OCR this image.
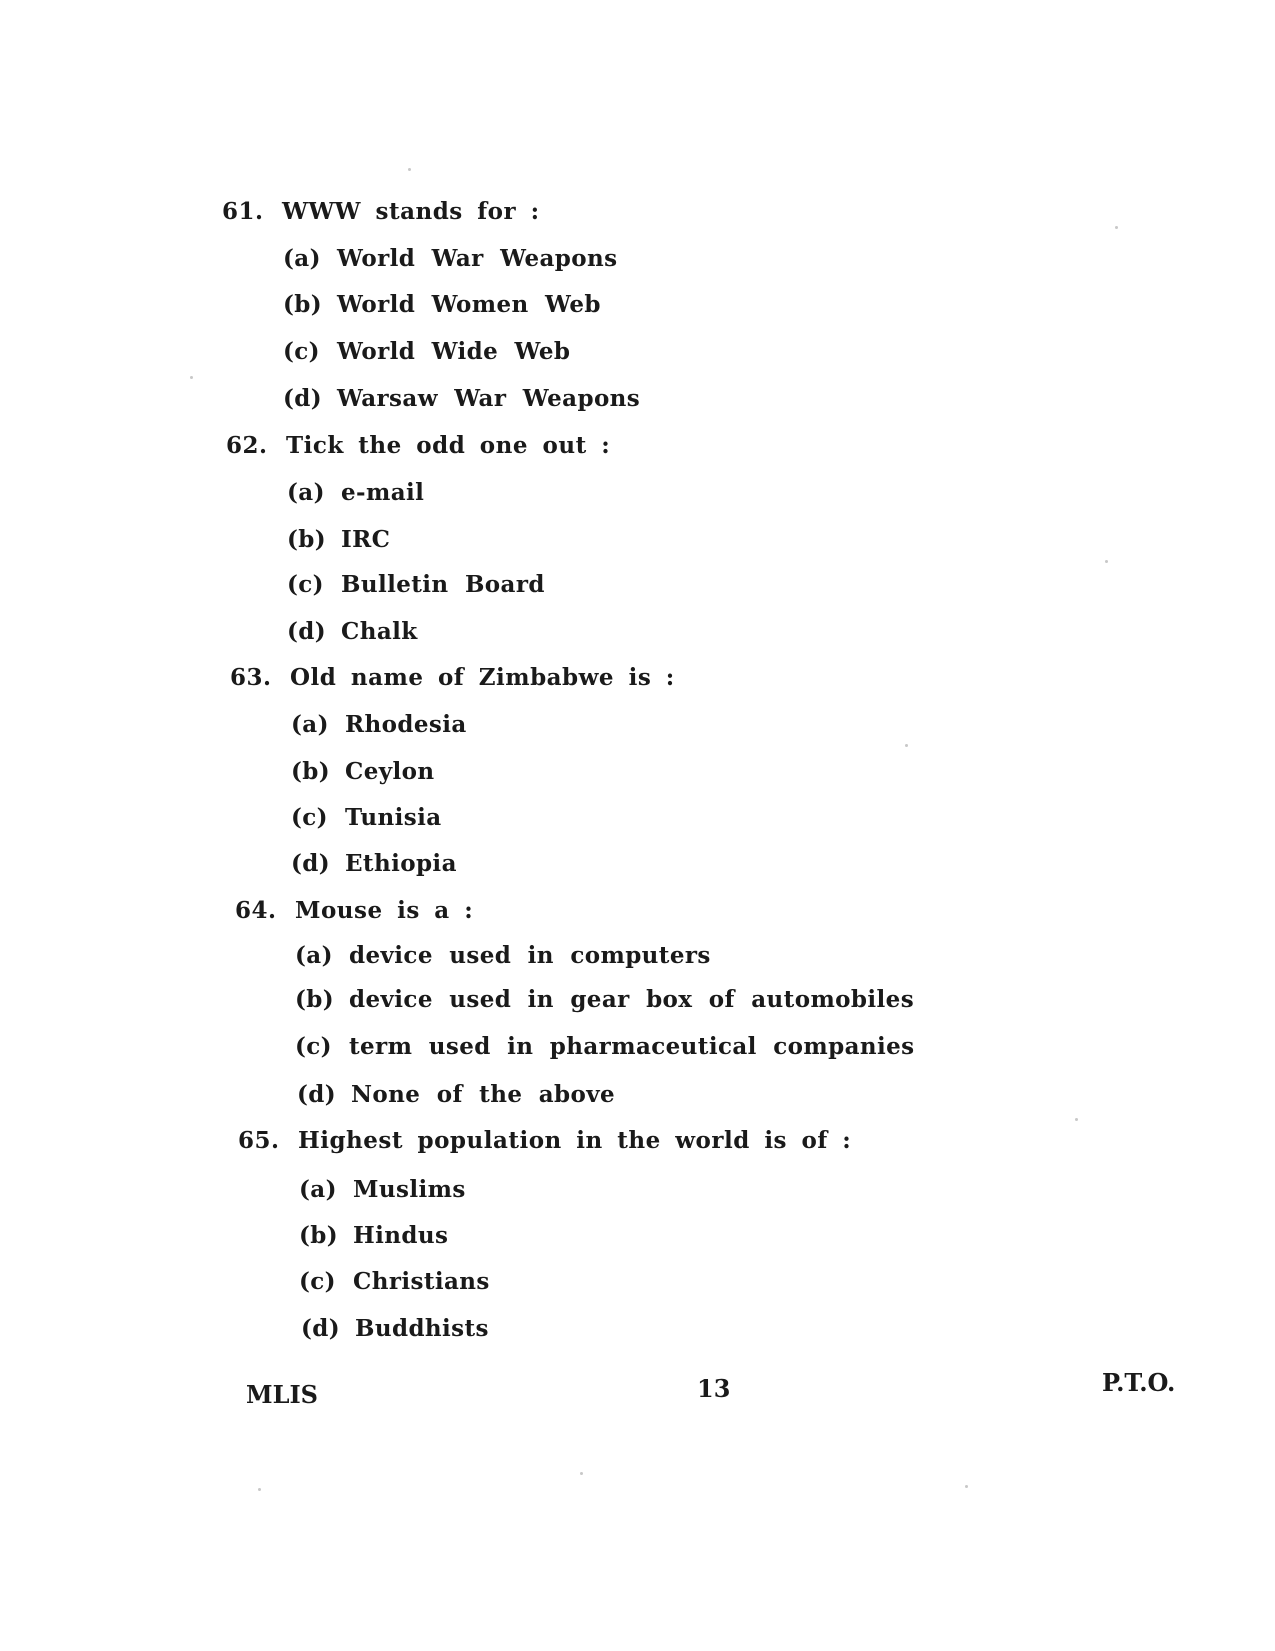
61. WWW stands for :
(a) World War Weapons
(b) World Women Web
(c) World Wide Web
(d) Warsaw War Weapons
62. Tick the odd one out :
(a) e-mail
(b) IRC
(c) Bulletin Board
(d) Chalk
63. Old name of Zimbabwe is :
(a) Rhodesia
(b) Ceylon
(c) Tunisia
(d) Ethiopia
64. Mouse is a :
(a) device used in computers
(b) device used in gear box of automobiles
(c) term used in pharmaceutical companies
(d) None of the above
65. Highest population in the world is of :
(a) Muslims
(b) Hindus
(c) Christians
(d) Buddhists
MLIS	13	P.T.O.
